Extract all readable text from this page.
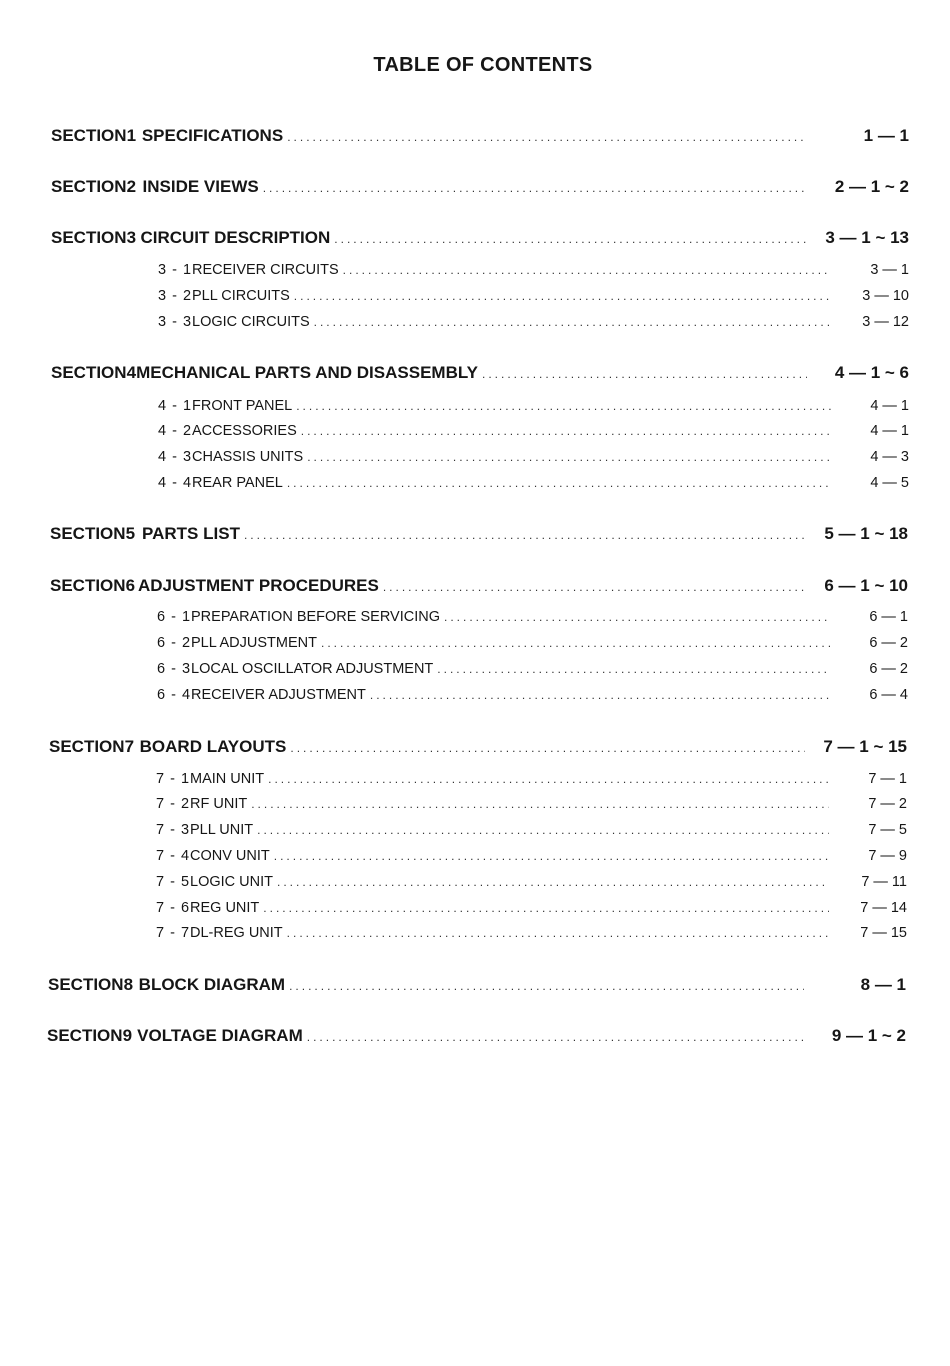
TABLE OF CONTENTS
SECTION 1 SPECIFICATIONS .....	1 — 1
SECTION 2 INSIDE VIEWS .....	2 — 1 ~ 2
SECTION 3 CIRCUIT DESCRIPTION .....	3 — 1 ~ 13
3 - 1 RECEIVER CIRCUITS .....	3 — 1
3 - 2 PLL CIRCUITS .....	3 — 10
3 - 3 LOGIC CIRCUITS .....	3 — 12
SECTION 4 MECHANICAL PARTS AND DISASSEMBLY .....	4 — 1 ~ 6
4 - 1 FRONT PANEL .....	4 — 1
4 - 2 ACCESSORIES .....	4 — 1
4 - 3 CHASSIS UNITS .....	4 — 3
4 - 4 REAR PANEL .....	4 — 5
SECTION 5 PARTS LIST .....	5 — 1 ~ 18
SECTION 6 ADJUSTMENT PROCEDURES .....	6 — 1 ~ 10
6 - 1 PREPARATION BEFORE SERVICING .....	6 — 1
6 - 2 PLL ADJUSTMENT .....	6 — 2
6 - 3 LOCAL OSCILLATOR ADJUSTMENT .....	6 — 2
6 - 4 RECEIVER ADJUSTMENT .....	6 — 4
SECTION 7 BOARD LAYOUTS .....	7 — 1 ~ 15
7 - 1 MAIN UNIT .....	7 — 1
7 - 2 RF UNIT .....	7 — 2
7 - 3 PLL UNIT .....	7 — 5
7 - 4 CONV UNIT .....	7 — 9
7 - 5 LOGIC UNIT .....	7 — 11
7 - 6 REG UNIT .....	7 — 14
7 - 7 DL-REG UNIT .....	7 — 15
SECTION 8 BLOCK DIAGRAM .....	8 — 1
SECTION 9 VOLTAGE DIAGRAM .....	9 — 1 ~ 2
